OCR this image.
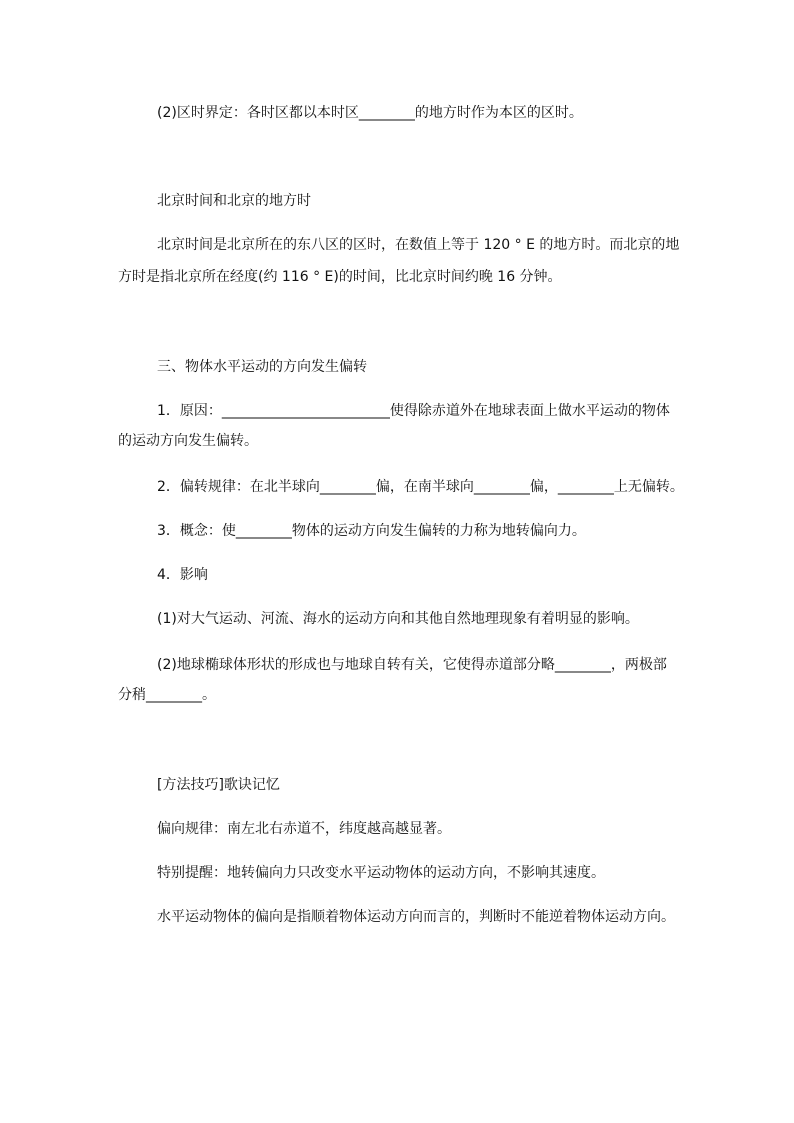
(2)区时界定：各时区都以本时区________的地方时作为本区的区时。
北京时间和北京的地方时
北京时间是北京所在的东八区的区时，在数值上等于 120 ° E 的地方时。而北京的地
方时是指北京所在经度(约 116 ° E)的时间，比北京时间约晚 16 分钟。
三、物体水平运动的方向发生偏转
1．原因：________________________使得除赤道外在地球表面上做水平运动的物体
的运动方向发生偏转。
2．偏转规律：在北半球向________偏，在南半球向________偏，________上无偏转。
3．概念：使________物体的运动方向发生偏转的力称为地转偏向力。
4．影响
(1)对大气运动、河流、海水的运动方向和其他自然地理现象有着明显的影响。
(2)地球椭球体形状的形成也与地球自转有关，它使得赤道部分略________，两极部
分稍________。
[方法技巧]歌诀记忆
偏向规律：南左北右赤道不，纬度越高越显著。
特别提醒：地转偏向力只改变水平运动物体的运动方向，不影响其速度。
水平运动物体的偏向是指顺着物体运动方向而言的，判断时不能逆着物体运动方向。
